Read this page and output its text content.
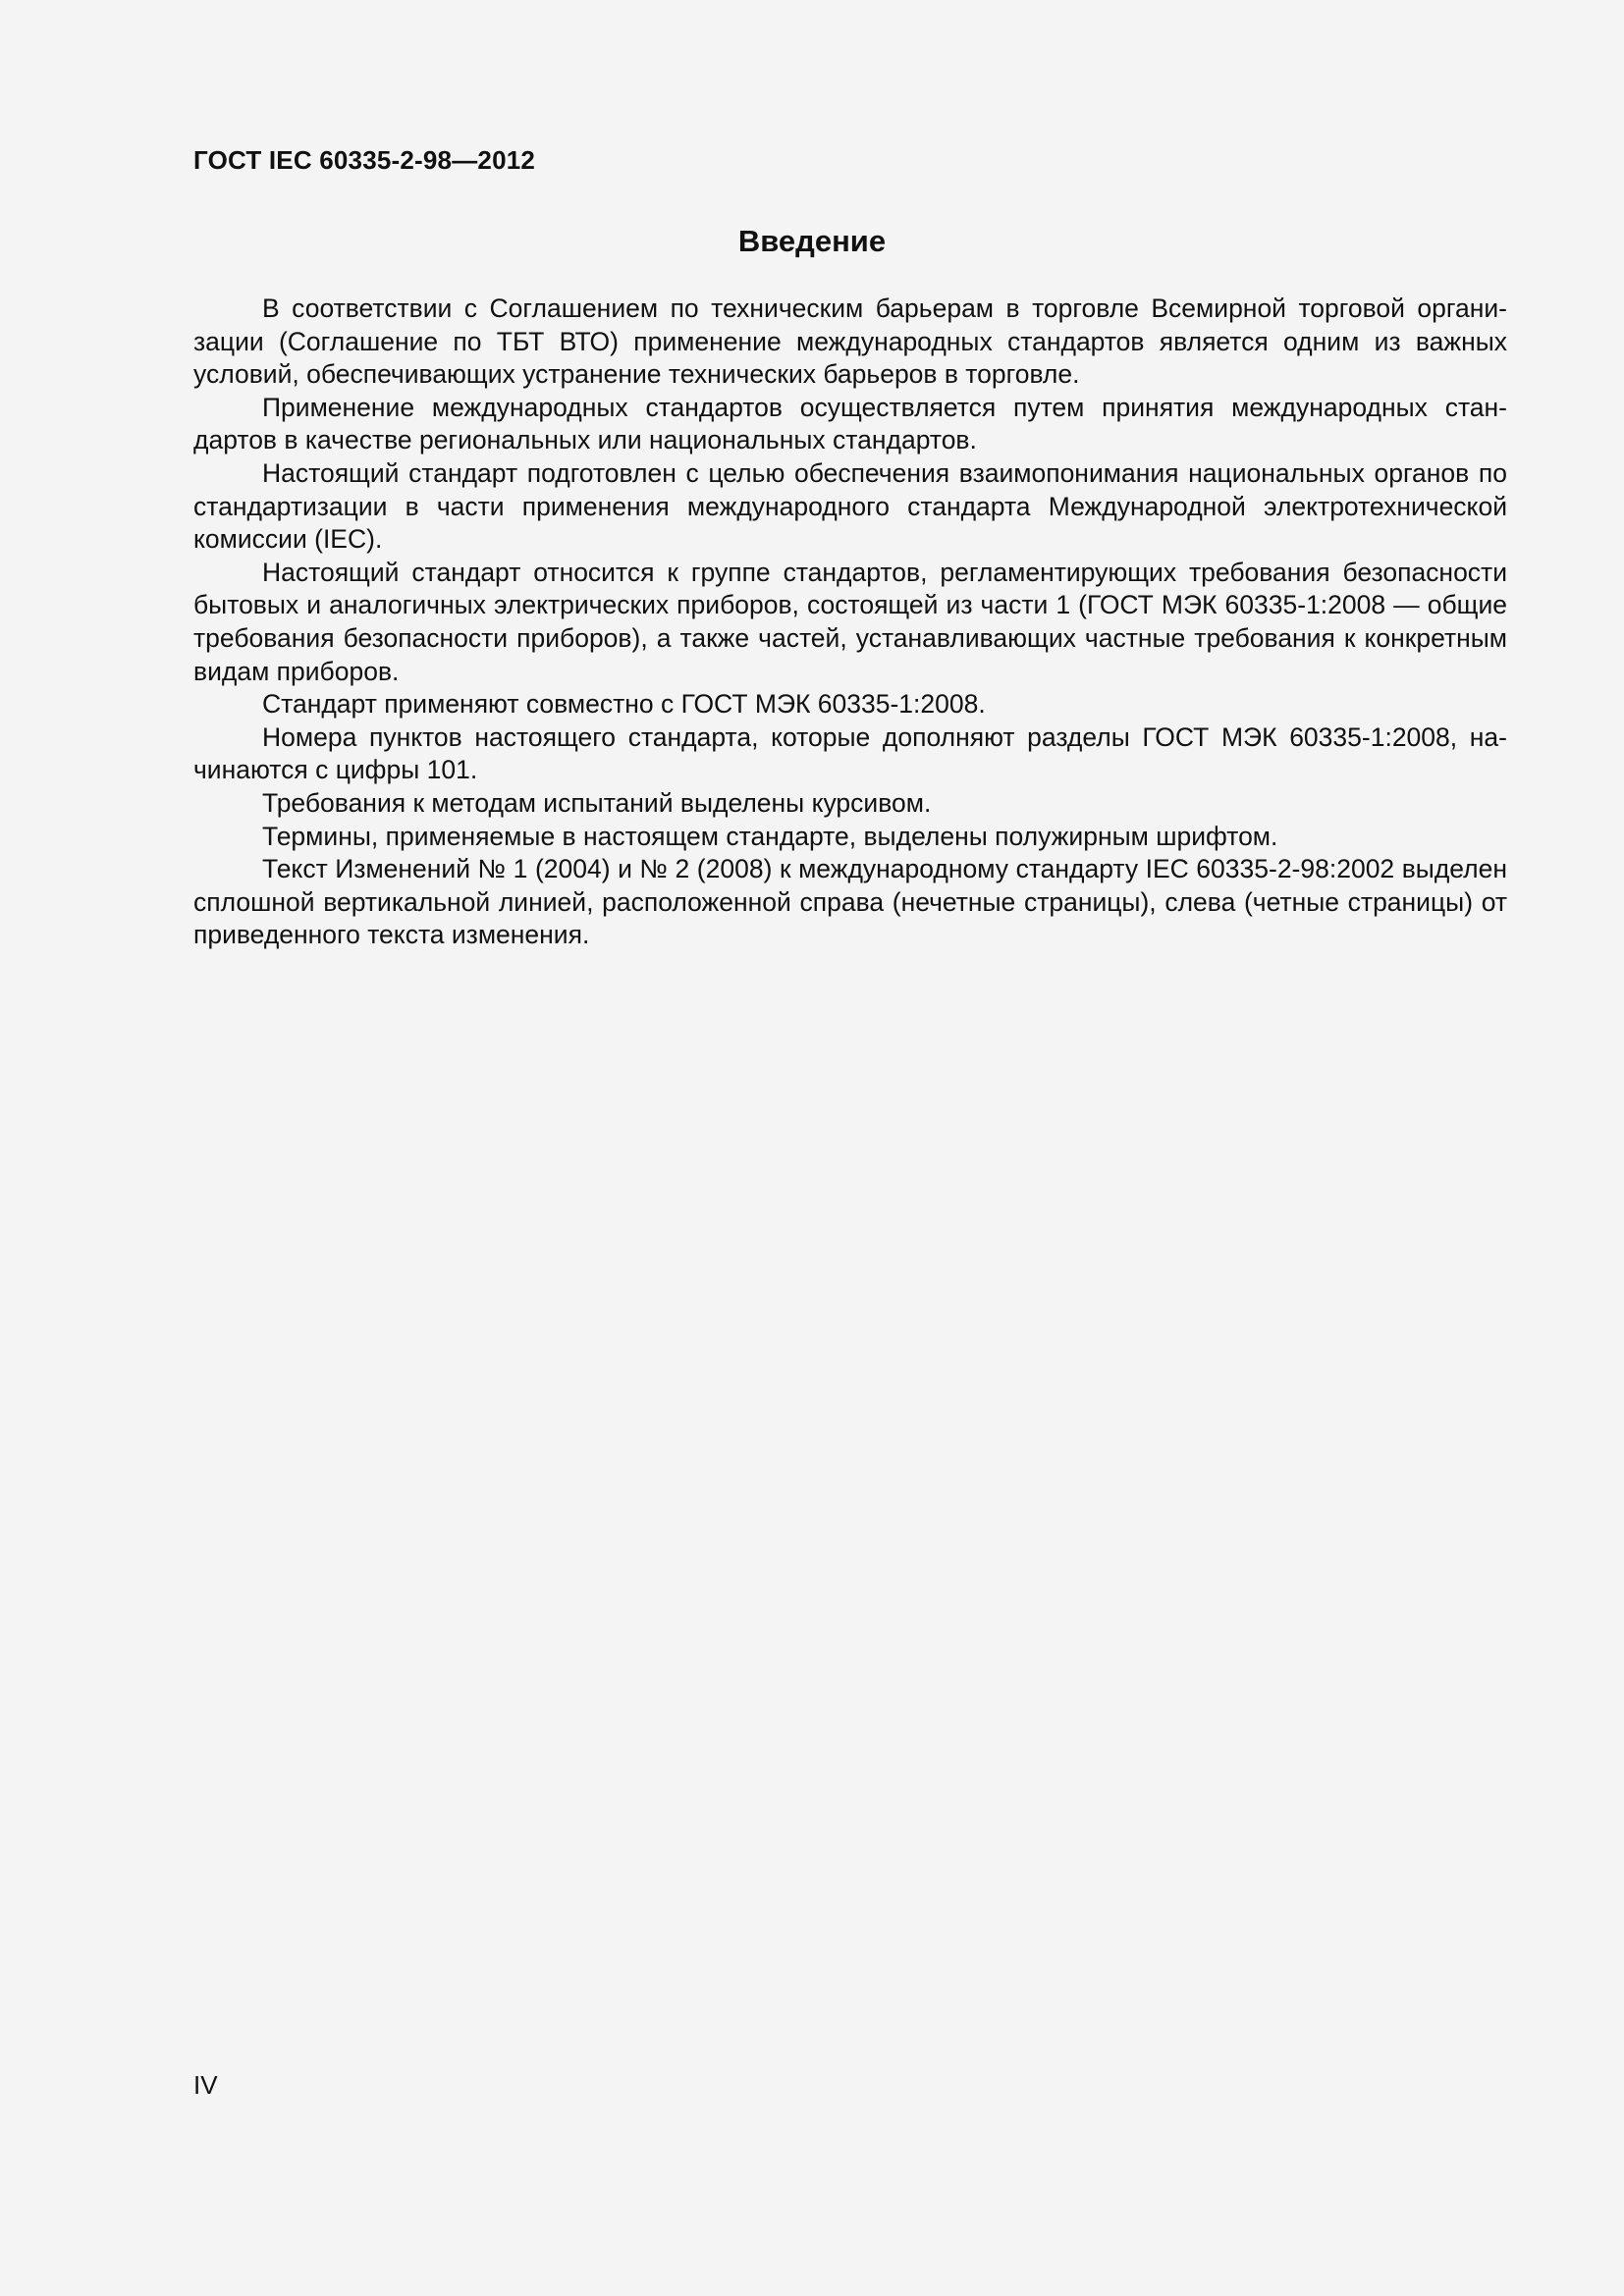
ГОСТ IEC 60335-2-98—2012
Введение

В соответствии с Соглашением по техническим барьерам в торговле Всемирной торговой организации (Соглашение по ТБТ ВТО) применение международных стандартов является одним из важных условий, обеспечивающих устранение технических барьеров в торговле.

Применение международных стандартов осуществляется путем принятия международных стандартов в качестве региональных или национальных стандартов.

Настоящий стандарт подготовлен с целью обеспечения взаимопонимания национальных органов по стандартизации в части применения международного стандарта Международной электротехнической комиссии (IEC).

Настоящий стандарт относится к группе стандартов, регламентирующих требования безопасности бытовых и аналогичных электрических приборов, состоящей из части 1 (ГОСТ МЭК 60335-1:2008 — общие требования безопасности приборов), а также частей, устанавливающих частные требования к конкретным видам приборов.

Стандарт применяют совместно с ГОСТ МЭК 60335-1:2008.

Номера пунктов настоящего стандарта, которые дополняют разделы ГОСТ МЭК 60335-1:2008, начинаются с цифры 101.

Требования к методам испытаний выделены курсивом.

Термины, применяемые в настоящем стандарте, выделены полужирным шрифтом.

Текст Изменений № 1 (2004) и № 2 (2008) к международному стандарту IEC 60335-2-98:2002 выделен сплошной вертикальной линией, расположенной справа (нечетные страницы), слева (четные страницы) от приведенного текста изменения.

IV
